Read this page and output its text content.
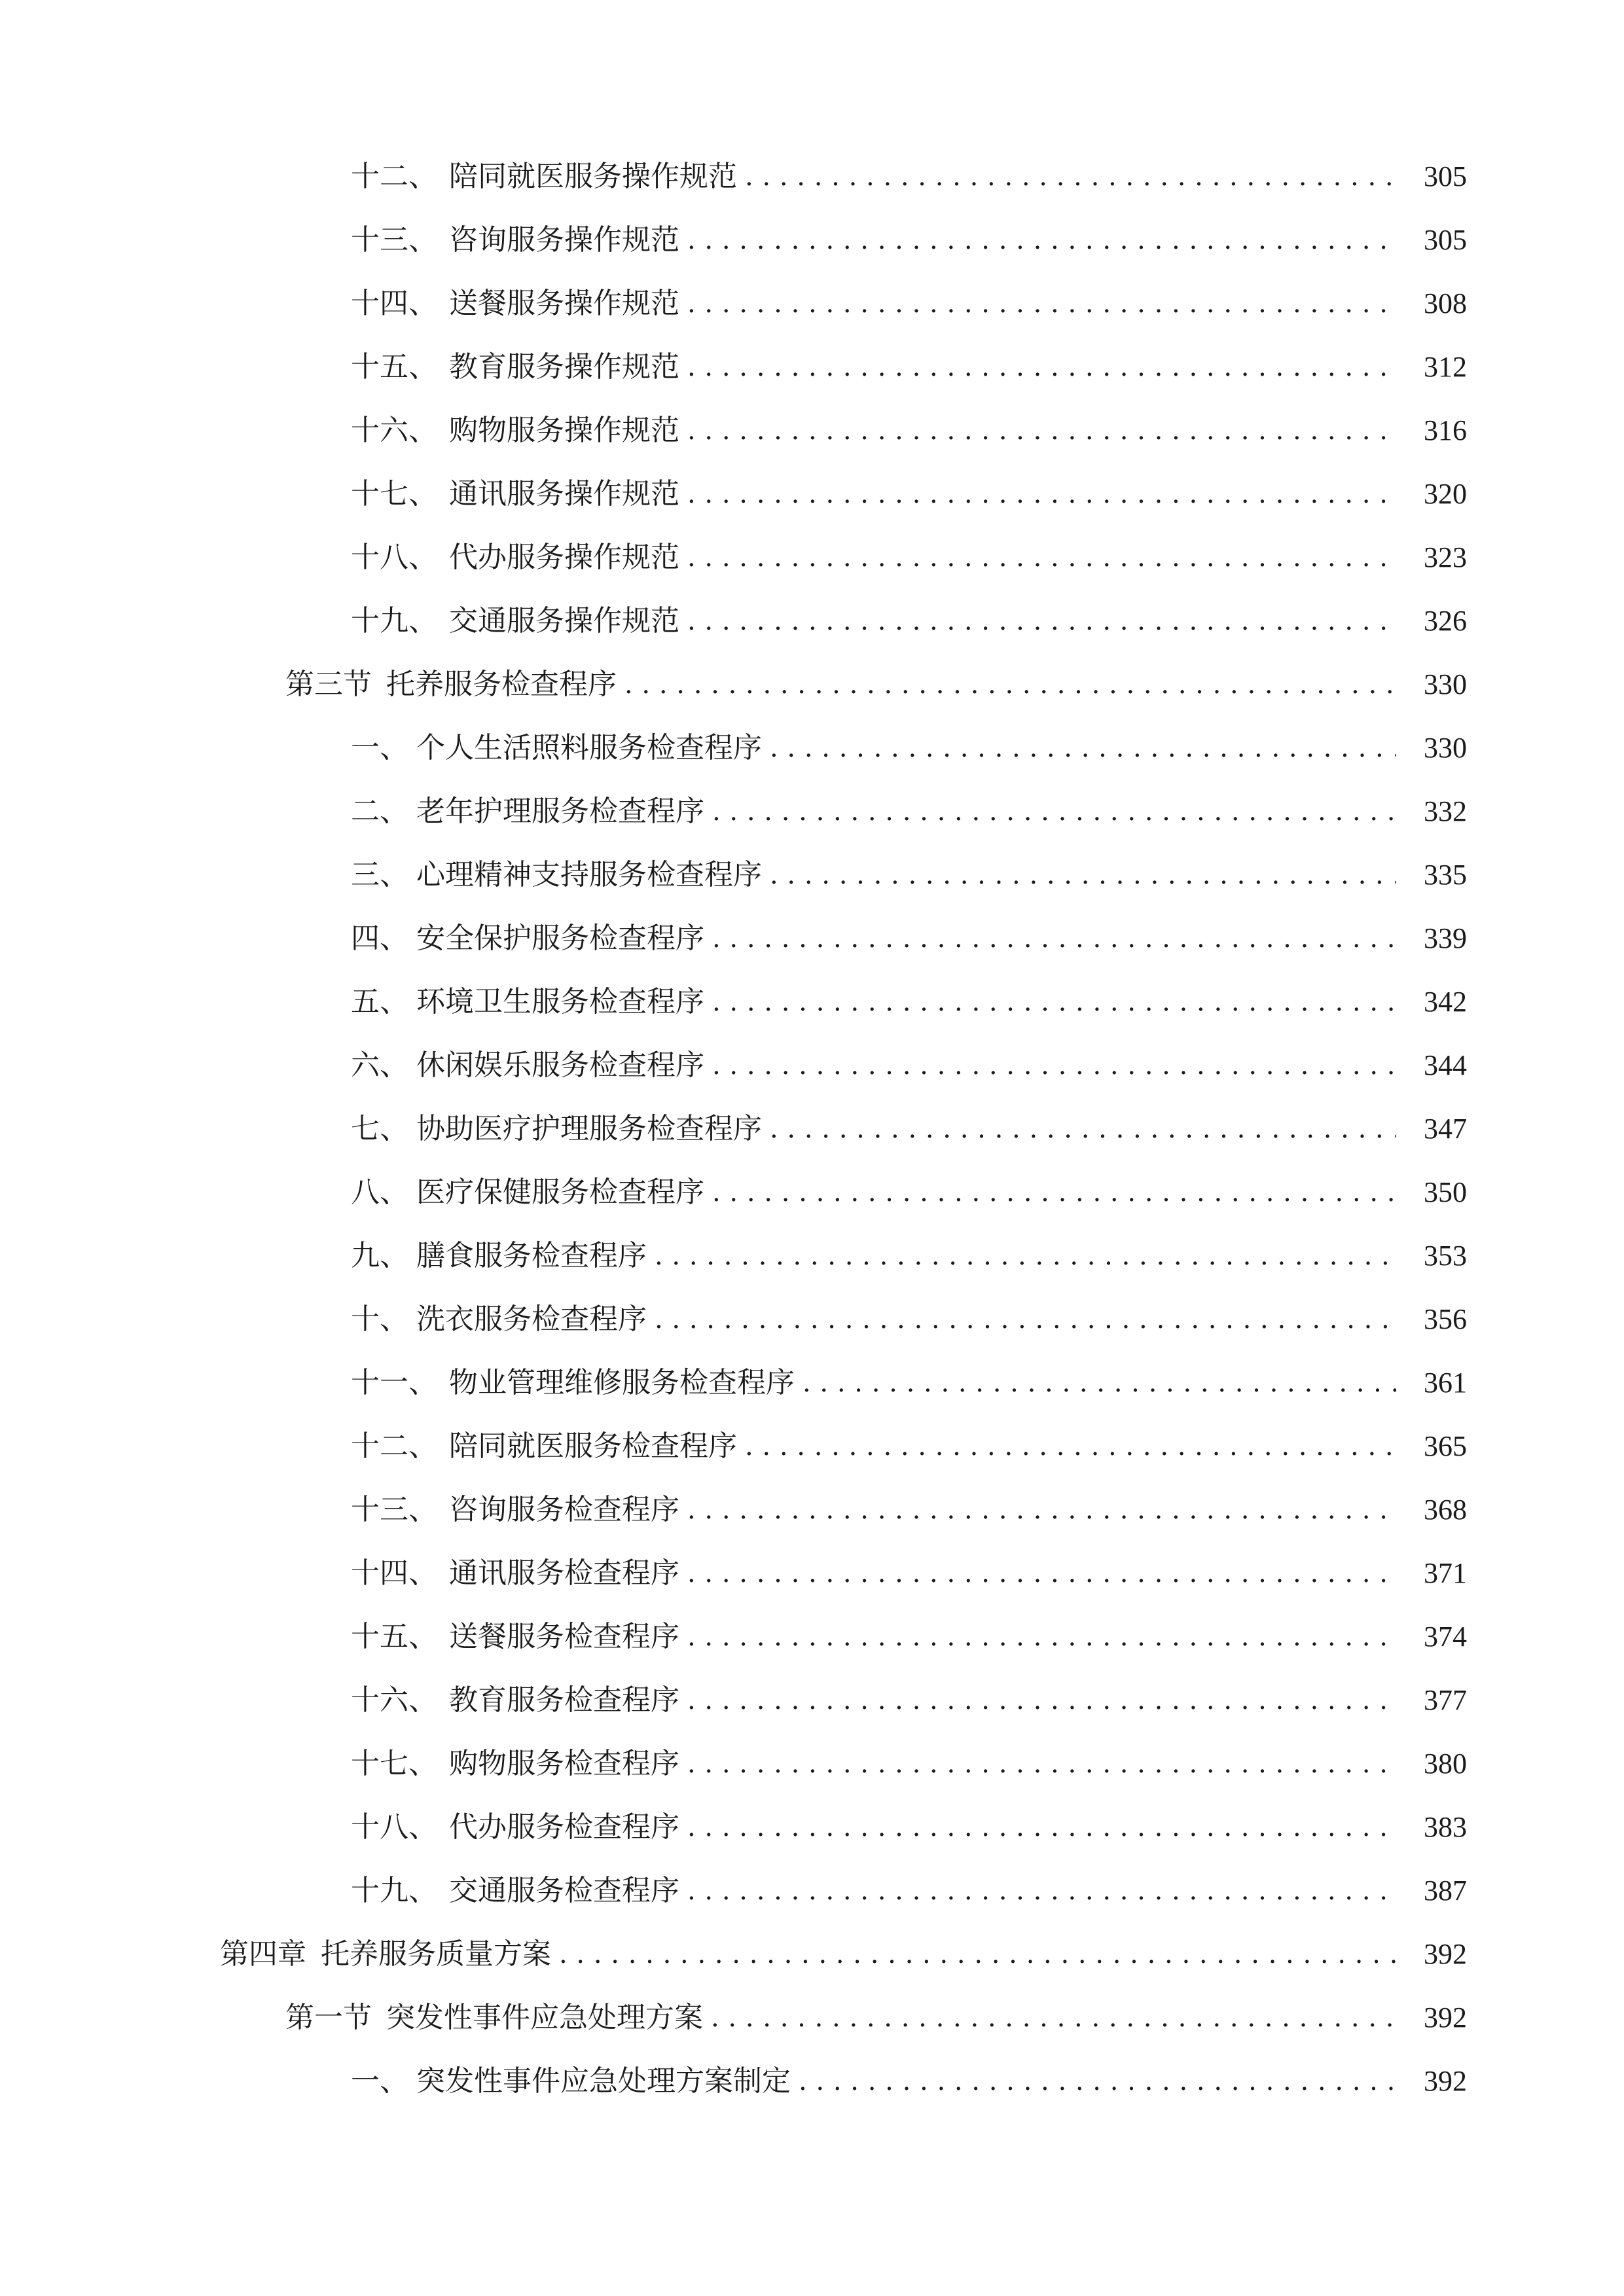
十二、 陪同就医服务操作规范 . . .	305
十三、 咨询服务操作规范 . . .	305
十四、 送餐服务操作规范 . . .	308
十五、 教育服务操作规范 . . .	312
十六、 购物服务操作规范 . . .	316
十七、 通讯服务操作规范 . . .	320
十八、 代办服务操作规范 . . .	323
十九、 交通服务操作规范 . . .	326
第三节 托养服务检查程序 . . .	330
一、 个人生活照料服务检查程序 . . .	330
二、 老年护理服务检查程序 . . .	332
三、 心理精神支持服务检查程序 . . .	335
四、 安全保护服务检查程序 . . .	339
五、 环境卫生服务检查程序 . . .	342
六、 休闲娱乐服务检查程序 . . .	344
七、 协助医疗护理服务检查程序 . . .	347
八、 医疗保健服务检查程序 . . .	350
九、 膳食服务检查程序 . . .	353
十、 洗衣服务检查程序 . . .	356
十一、 物业管理维修服务检查程序 . . .	361
十二、 陪同就医服务检查程序 . . .	365
十三、 咨询服务检查程序 . . .	368
十四、 通讯服务检查程序 . . .	371
十五、 送餐服务检查程序 . . .	374
十六、 教育服务检查程序 . . .	377
十七、 购物服务检查程序 . . .	380
十八、 代办服务检查程序 . . .	383
十九、 交通服务检查程序 . . .	387
第四章 托养服务质量方案 . . .	392
第一节 突发性事件应急处理方案 . . .	392
一、 突发性事件应急处理方案制定 . . .	392
